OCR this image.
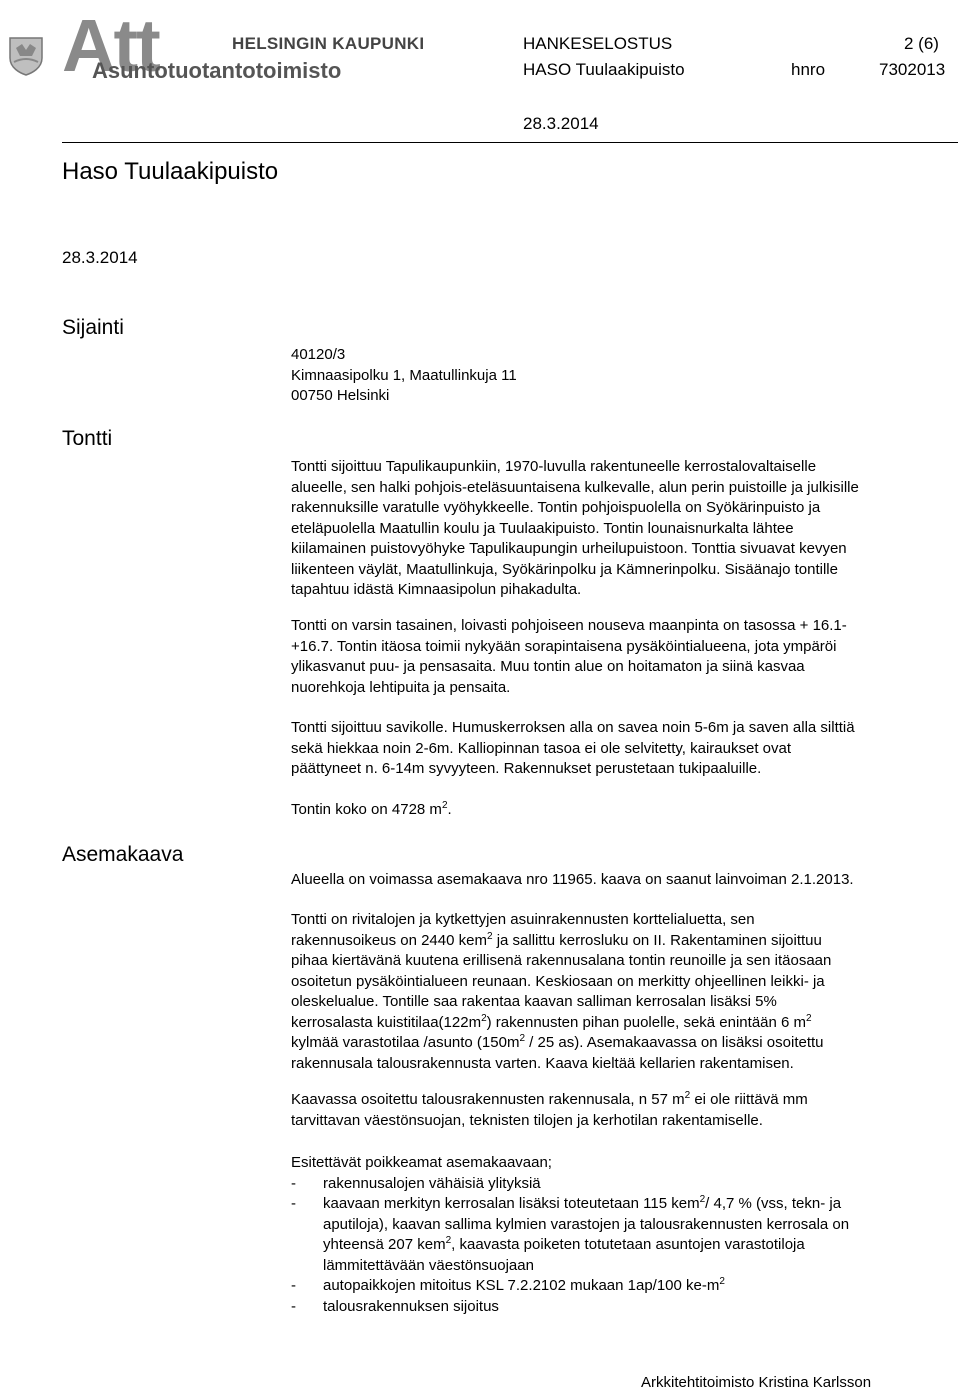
Att	HELSINGIN KAUPUNKI
Asuntotuotantotoimisto
HANKESELOSTUS	2 (6)
HASO Tuulaakipuisto	hnro	7302013
28.3.2014
Haso Tuulaakipuisto
28.3.2014
Sijainti
40120/3
Kimnaasipolku 1, Maatullinkuja 11
00750 Helsinki
Tontti
Tontti sijoittuu Tapulikaupunkiin, 1970-luvulla rakentuneelle kerrostalovaltaiselle
alueelle, sen halki pohjois-eteläsuuntaisena kulkevalle, alun perin puistoille ja julkisille
rakennuksille varatulle vyöhykkeelle. Tontin pohjoispuolella on Syökärinpuisto ja
eteläpuolella Maatullin koulu ja Tuulaakipuisto. Tontin lounaisnurkalta lähtee
kiilamainen puistovyöhyke Tapulikaupungin urheilupuistoon. Tonttia sivuavat kevyen
liikenteen väylät, Maatullinkuja, Syökärinpolku ja Kämnerinpolku. Sisäänajo tontille
tapahtuu idästä Kimnaasipolun pihakadulta.
Tontti on varsin tasainen, loivasti pohjoiseen nouseva maanpinta on tasossa + 16.1-
+16.7. Tontin itäosa toimii nykyään sorapintaisena pysäköintialueena, jota ympäröi
ylikasvanut puu- ja pensasaita. Muu tontin alue on hoitamaton ja siinä kasvaa
nuorehkoja lehtipuita ja pensaita.
Tontti sijoittuu savikolle. Humuskerroksen alla on savea noin 5-6m ja saven alla silttiä
sekä hiekkaa noin 2-6m. Kalliopinnan tasoa ei ole selvitetty, kairaukset ovat
päättyneet n. 6-14m syvyyteen. Rakennukset perustetaan tukipaaluille.
Tontin koko on 4728 $m^2$.
Asemakaava
Alueella on voimassa asemakaava nro 11965. kaava on saanut lainvoiman 2.1.2013.
Tontti on rivitalojen ja kytkettyjen asuinrakennusten korttelialuetta, sen
rakennusoikeus on 2440 kem$^2$ ja sallittu kerrosluku on II. Rakentaminen sijoittuu
pihaa kiertävänä kuutena erillisenä rakennusalana tontin reunoille ja sen itäosaan
osoitetun pysäköintialueen reunaan. Keskiosaan on merkitty ohjeellinen leikki- ja
oleskelualue. Tontille saa rakentaa kaavan salliman kerrosalan lisäksi 5%
kerrosalasta $kuistitilaa(122m^2)$ rakennusten pihan puolelle, sekä enintään 6 $m^2$
kylmää varastotilaa /asunto ($150m^2 / 25$ as). Asemakaavassa on lisäksi osoitettu
rakennusala talousrakennusta varten. Kaava kieltää kellarien rakentamisen.
Kaavassa osoitettu talousrakennusten rakennusala, n 57 $m^2$ ei ole riittävä mm
tarvittavan väestönsuojan, teknisten tilojen ja kerhotilan rakentamiselle.
Esitettävät poikkeamat asemakaavaan;
-	rakennusalojen vähäisiä ylityksiä
-	kaavaan merkityn kerrosalan lisäksi toteutetaan 115 kem$^2$/ 4,7 % (vss, tekn- ja
aputiloja), kaavan sallima kylmien varastojen ja talousrakennusten kerrosala on
yhteensä 207 kem$^2$, kaavasta poiketen totutetaan asuntojen varastotiloja
lämmitettävään väestönsuojaan
-	autopaikkojen mitoitus KSL 7.2.2102 mukaan 1ap/100 $ke-m^2$
-	talousrakennuksen sijoitus
Arkkitehtitoimisto Kristina Karlsson
